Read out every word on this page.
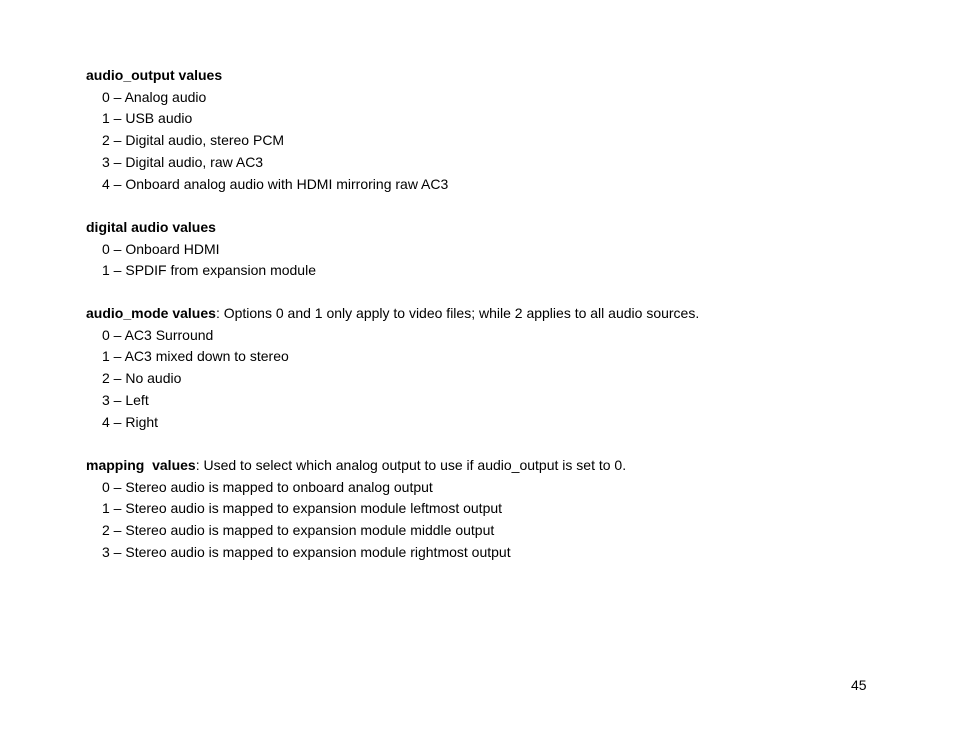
audio_output values
0 – Analog audio
1 – USB audio
2 – Digital audio, stereo PCM
3 – Digital audio, raw AC3
4 – Onboard analog audio with HDMI mirroring raw AC3
digital audio values
0 – Onboard HDMI
1 – SPDIF from expansion module
audio_mode values: Options 0 and 1 only apply to video files; while 2 applies to all audio sources.
0 – AC3 Surround
1 – AC3 mixed down to stereo
2 – No audio
3 – Left
4 – Right
mapping  values: Used to select which analog output to use if audio_output is set to 0.
0 – Stereo audio is mapped to onboard analog output
1 – Stereo audio is mapped to expansion module leftmost output
2 – Stereo audio is mapped to expansion module middle output
3 – Stereo audio is mapped to expansion module rightmost output
45
